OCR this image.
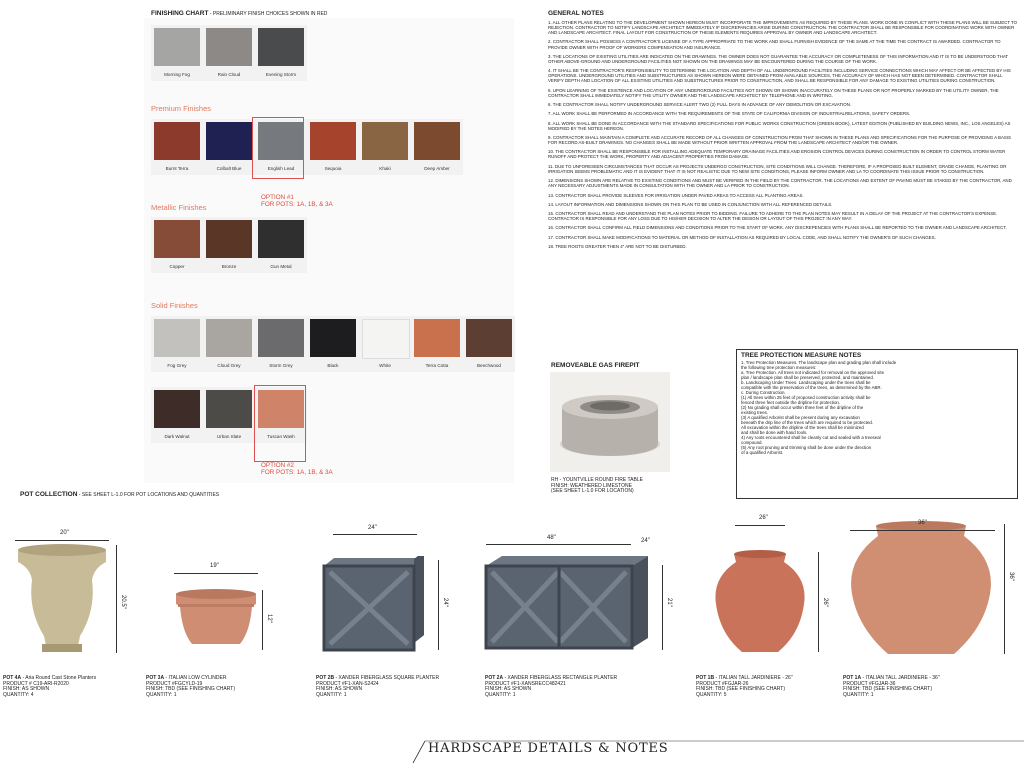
FINISHING CHART - PRELIMINARY FINISH CHOICES SHOWN IN RED
Premium Finishes
Metallic Finishes
Solid Finishes
Morning Fog	Rain Cloud	Evening Storm
Burnt Terra	Colbalt Blue	English Lead	Sequoia	Khaki	Deep Amber
Copper	Bronze	Gun Metal
Fog Grey	Cloud Grey	Storm Grey	Black	White	Terra Cotta	Beechwood
Dark Walnut	Urban Slate	Tuscan Wash
OPTION #1
FOR POTS: 1A, 1B, & 3A
OPTION #2
FOR POTS: 1A, 1B, & 3A
GENERAL NOTES

1. ALL OTHER PLANS RELATING TO THE DEVELOPMENT SHOWN HEREON MUST INCORPORATE THE IMPROVEMENTS AS REQUIRED BY THESE PLANS. WORK DONE IN CONFLICT WITH THESE PLANS WILL BE SUBJECT TO REJECTION. CONTRACTOR TO NOTIFY LANDSCAPE ARCHITECT IMMEDIATELY IF DISCREPANCIES ARISE DURING CONSTRUCTION. THE CONTRACTOR SHALL BE RESPONSIBLE FOR COORDINATING WORK WITH OWNER AND LANDSCAPE ARCHITECT. FINAL LAYOUT FOR CONSTRUCTION OF THESE ELEMENTS REQUIRES APPROVAL BY OWNER AND LANDSCAPE ARCHITECT.

2. CONTRACTOR SHALL POSSESS A CONTRACTOR'S LICENSE OF A TYPE APPROPRIATE TO THE WORK AND SHALL FURNISH EVIDENCE OF THE SAME AT THE TIME THE CONTRACT IS AWARDED. CONTRACTOR TO PROVIDE OWNER WITH PROOF OF WORKERS COMPENSATION AND INSURANCE.

3. THE LOCATIONS OF EXISTING UTILITIES ARE INDICATED ON THE DRAWINGS. THE OWNER DOES NOT GUARANTEE THE ACCURACY OR COMPLETENESS OF THIS INFORMATION AND IT IS TO BE UNDERSTOOD THAT OTHER ABOVE-GROUND AND UNDERGROUND FACILITIES NOT SHOWN ON THE DRAWINGS MAY BE ENCOUNTERED DURING THE COURSE OF THE WORK.

4. IT SHALL BE THE CONTRACTOR'S RESPONSIBILITY TO DETERMINE THE LOCATION AND DEPTH OF ALL UNDERGROUND FACILITIES INCLUDING SERVICE CONNECTIONS WHICH MAY AFFECT OR BE AFFECTED BY HIS OPERATIONS. UNDERGROUND UTILITIES AND SUBSTRUCTURES AS SHOWN HEREON WERE OBTAINED FROM AVAILABLE SOURCES, THE ACCURACY OF WHICH HAS NOT BEEN DETERMINED. CONTRACTOR SHALL VERIFY DEPTH AND LOCATION OF ALL EXISTING UTILITIES AND SUBSTRUCTURES PRIOR TO CONSTRUCTION, AND SHALL BE RESPONSIBLE FOR ANY DAMAGE TO EXISTING UTILITIES DURING CONSTRUCTION.

5. UPON LEARNING OF THE EXISTENCE AND LOCATION OF ANY UNDERGROUND FACILITIES NOT SHOWN OR SHOWN INACCURATELY ON THESE PLANS OR NOT PROPERLY MARKED BY THE UTILITY OWNER, THE CONTRACTOR SHALL IMMEDIATELY NOTIFY THE UTILITY OWNER AND THE LANDSCAPE ARCHITECT BY TELEPHONE AND IN WRITING.

6. THE CONTRACTOR SHALL NOTIFY UNDERGROUND SERVICE ALERT TWO (2) FULL DAYS IN ADVANCE OF ANY DEMOLITION OR EXCAVATION.

7. ALL WORK SHALL BE PERFORMED IN ACCORDANCE WITH THE REQUIREMENTS OF THE STATE OF CALIFORNIA DIVISION OF INDUSTRIALRELATIONS, SAFETY ORDERS.

8. ALL WORK SHALL BE DONE IN ACCORDANCE WITH THE STANDARD SPECIFICATIONS FOR PUBLIC WORKS CONSTRUCTION (GREEN BOOK), LATEST EDITION (PUBLISHED BY BUILDING NEWS, INC., LOS ANGELES) AS MODIFIED BY THE NOTES HEREON.

9. CONTRACTOR SHALL MAINTAIN A COMPLETE AND ACCURATE RECORD OF ALL CHANGES OF CONSTRUCTION FROM THAT SHOWN IN THESE PLANS AND SPECIFICATIONS FOR THE PURPOSE OF PROVIDING A BASIS FOR RECORD AS-BUILT DRAWINGS. NO CHANGES SHALL BE MADE WITHOUT PRIOR WRITTEN APPROVAL FROM THE LANDSCAPE ARCHITECT AND/OR THE OWNER.

10. THE CONTRACTOR SHALL BE RESPONSIBLE FOR INSTALLING ADEQUATE TEMPORARY DRAINAGE FACILITIES AND EROSION CONTROL DEVICES DURING CONSTRUCTION IN ORDER TO CONTROL STORM WATER RUNOFF AND PROTECT THE WORK, PROPERTY AND ADJACENT PROPERTIES FROM DAMAGE.

11. DUE TO UNFORESEEN CIRCUMSTANCES THAT OCCUR AS PROJECTS UNDERGO CONSTRUCTION, SITE CONDITIONS WILL CHANGE. THEREFORE, IF A PROPOSED BUILT ELEMENT, GRADE CHANGE, PLANTING OR IRRIGATION SEEMS PROBLEMATIC AND IT IS EVIDENT THAT IT IS NOT REALISTIC DUE TO NEW SITE CONDITIONS, PLEASE INFORM OWNER AND LA TO COORDINATE THIS ISSUE PRIOR TO CONSTRUCTION.

12. DIMENSIONS SHOWN ARE RELATIVE TO EXISTING CONDITIONS AND MUST BE VERIFIED IN THE FIELD BY THE CONTRACTOR. THE LOCATIONS AND EXTENT OF PAVING MUST BE STAKED BY THE CONTRACTOR, AND ANY NECESSARY ADJUSTMENTS MADE IN CONSULTATION WITH THE OWNER AND LA PRIOR TO CONSTRUCTION.

13. CONTRACTOR SHALL PROVIDE SLEEVES FOR IRRIGATION UNDER PAVED AREAS TO ACCESS ALL PLANTING AREAS.

14. LAYOUT INFORMATION AND DIMENSIONS SHOWN ON THIS PLAN TO BE USED IN CONJUNCTION WITH ALL REFERENCED DETAILS.

15. CONTRACTOR SHALL READ AND UNDERSTAND THE PLAN NOTES PRIOR TO BIDDING. FAILURE TO ADHERE TO THE PLAN NOTES MAY RESULT IN A DELAY OF THE PROJECT AT THE CONTRACTOR'S EXPENSE. CONTRACTOR IS RESPONSIBLE FOR ANY LOSS DUE TO HIS/HER DECISION TO ALTER THE DESIGN OR LAYOUT OF THIS PROJECT IN ANY WAY.

16. CONTRACTOR SHALL CONFIRM ALL FIELD DIMENSIONS AND CONDITIONS PRIOR TO THE START OF WORK. ANY DISCREPENCIES WITH PLANS SHALL BE REPORTED TO THE OWNER AND LANDSCAPE ARCHITECT.

17. CONTRACTOR SHALL MAKE MODIFICATIONS TO MATERIAL OR METHOD OF INSTALLATION AS REQUIRED BY LOCAL CODE, AND SHALL NOTIFY THE OWNER'S OF SUCH CHANGES.

18. TREE ROOTS GREATER THEN 4" ARE NOT TO BE DISTURBED.

REMOVEABLE GAS FIREPIT
RH - YOUNTVILLE ROUND FIRE TABLE
FINISH: WEATHERED LIMESTONE
(SEE SHEET L-1.0 FOR LOCATION)
TREE PROTECTION MEASURE NOTES
1. Tree Protection Measures. The landscape plan and grading plan shall include
the following tree protection measures:
a. Tree Protection. All trees not indicated for removal on the approved site
plan / landscape plan shall be preserved, protected, and maintained.
b. Landscaping Under Trees. Landscaping under the trees shall be
compatible with the preservation of the trees, as determined by the ABR.
c. During Construction.
(1) All trees within 25 feet of proposed construction activity shall be
fenced three feet outside the dripline for protection.
(2) No grading shall occur within three feet of the dripline of the
existing trees.
(3) A qualified Arborist shall be present during any excavation
beneath the drip line of the trees which are required to be protected.
All excavation within the dripline of the trees shall be minimized
and shall be done with hand tools.
4) Any roots encountered shall be cleanly cut and sealed with a treeseal
compound.
(5) Any root pruning and trimming shall be done under the direction
of a qualified Arborist.
POT COLLECTION - SEE SHEET L-1.0 FOR POT LOCATIONS AND QUANTITIES
20"
20.5"
19"
12"
24"
24"
48"	24"
21"
26"
26"
36"
36"
POT 4A - Aria Round Cast Stone Planters
PRODUCT # C19-ARI-R2020
FINISH: AS SHOWN
QUANTITY: 4
POT 3A - ITALIAN LOW CYLINDER
PRODUCT #FGCYLD-19
FINISH: TBD (SEE FINISHING CHART)
QUANTITY: 1
POT 2B - XANDER FIBERGLASS SQUARE PLANTER
PRODUCT #F1-XAN-S2424
FINISH: AS SHOWN
QUANTITY: 1
POT 2A - XANDER FIBERGLASS RECTANGLE PLANTER
PRODUCT #F1-XANSRECC482421
FINISH: AS SHOWN
QUANTITY: 1
POT 1B - ITALIAN TALL JARDINIERE - 26"
PRODUCT #FGJAR-26
FINISH: TBD (SEE FINISHING CHART)
QUANTITY: 5
POT 1A - ITALIAN TALL JARDINIERE - 36"
PRODUCT #FGJAR-36
FINISH: TBD (SEE FINISHING CHART)
QUANTITY: 1
HARDSCAPE DETAILS & NOTES
